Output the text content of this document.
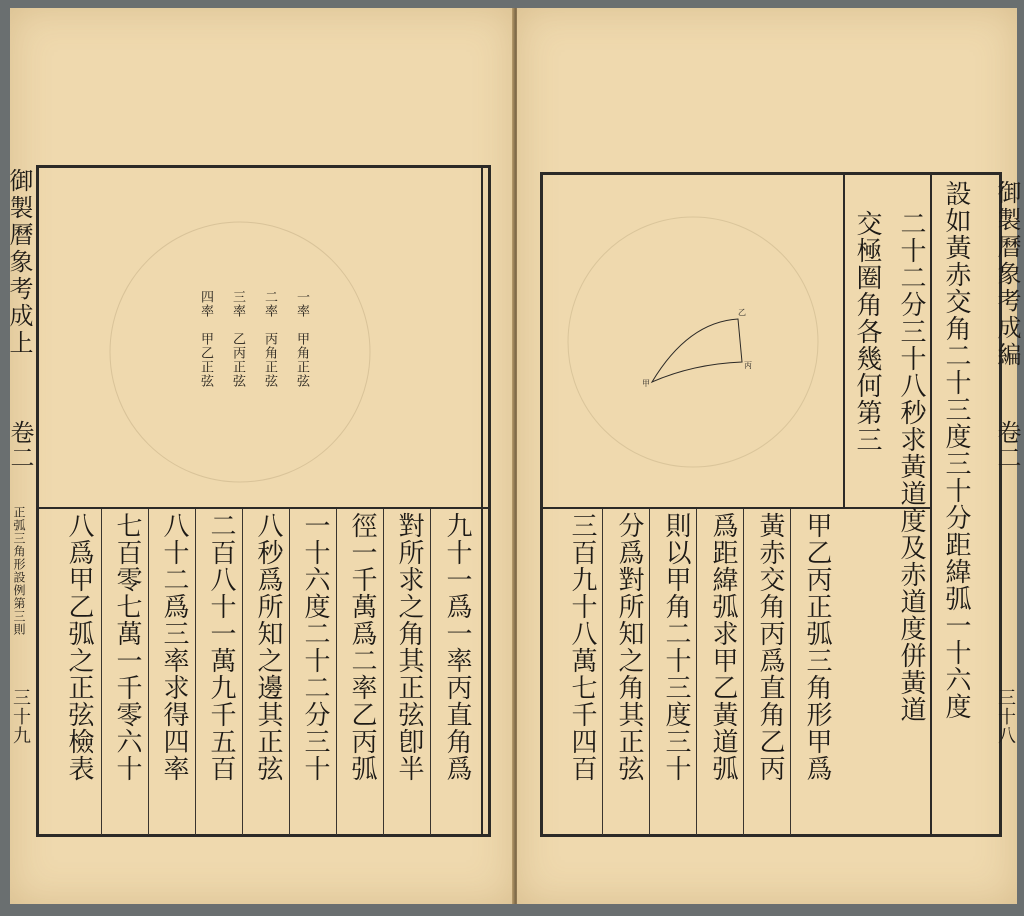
御製曆象考成上
卷二
正弧三角形設例第三則
三十九
一率　甲角正弦
二率　丙角正弦
三率　乙丙正弦
四率　甲乙正弦
九十一爲一率丙直角爲
對所求之角其正弦卽半
徑一千萬爲二率乙丙弧
一十六度二十二分三十
八秒爲所知之邊其正弦
二百八十一萬九千五百
八十二爲三率求得四率
七百零七萬一千零六十
八爲甲乙弧之正弦檢表
御製曆象考成編
卷二
三十八
乙
丙
甲	設如黃赤交角二十三度三十分距緯弧一十六度
二十二分三十八秒求黃道度及赤道度併黃道
交極圈角各幾何第三
甲乙丙正弧三角形甲爲
黃赤交角丙爲直角乙丙
爲距緯弧求甲乙黃道弧
則以甲角二十三度三十
分爲對所知之角其正弦
三百九十八萬七千四百
